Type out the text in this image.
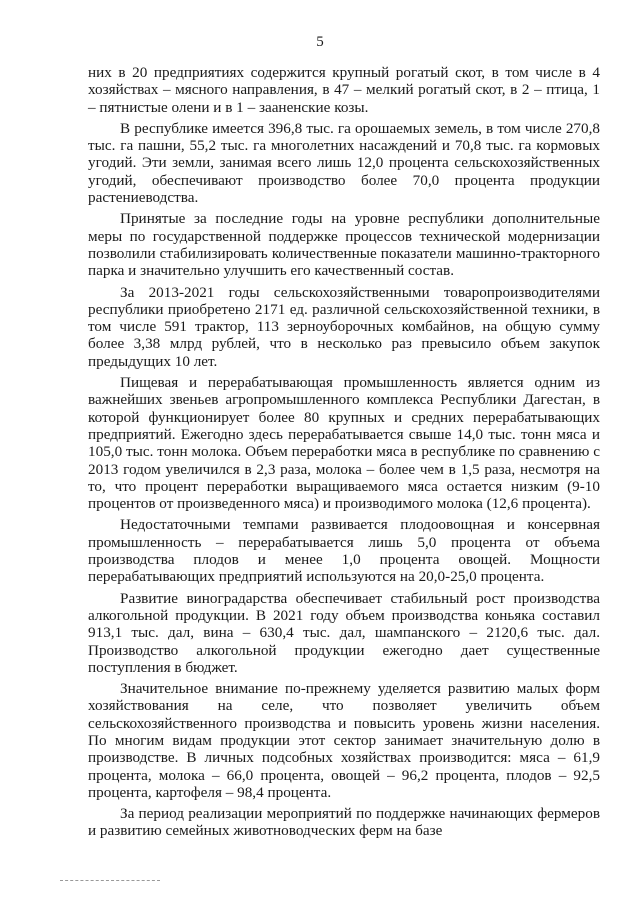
5

них в 20 предприятиях содержится крупный рогатый скот, в том числе в 4 хозяйствах – мясного направления, в 47 – мелкий рогатый скот, в 2 – птица, 1 – пятнистые олени и в 1 – зааненские козы.

В республике имеется 396,8 тыс. га орошаемых земель, в том числе 270,8 тыс. га пашни, 55,2 тыс. га многолетних насаждений и 70,8 тыс. га кормовых угодий. Эти земли, занимая всего лишь 12,0 процента сельскохозяйственных угодий, обеспечивают производство более 70,0 процента продукции растениеводства.

Принятые за последние годы на уровне республики дополнительные меры по государственной поддержке процессов технической модернизации позволили стабилизировать количественные показатели машинно-тракторного парка и значительно улучшить его качественный состав.

За 2013-2021 годы сельскохозяйственными товаропроизводителями республики приобретено 2171 ед. различной сельскохозяйственной техники, в том числе 591 трактор, 113 зерноуборочных комбайнов, на общую сумму более 3,38 млрд рублей, что в несколько раз превысило объем закупок предыдущих 10 лет.

Пищевая и перерабатывающая промышленность является одним из важнейших звеньев агропромышленного комплекса Республики Дагестан, в которой функционирует более 80 крупных и средних перерабатывающих предприятий. Ежегодно здесь перерабатывается свыше 14,0 тыс. тонн мяса и 105,0 тыс. тонн молока. Объем переработки мяса в республике по сравнению с 2013 годом увеличился в 2,3 раза, молока – более чем в 1,5 раза, несмотря на то, что процент переработки выращиваемого мяса остается низким (9-10 процентов от произведенного мяса) и производимого молока (12,6 процента).

Недостаточными темпами развивается плодоовощная и консервная промышленность – перерабатывается лишь 5,0 процента от объема производства плодов и менее 1,0 процента овощей. Мощности перерабатывающих предприятий используются на 20,0-25,0 процента.

Развитие виноградарства обеспечивает стабильный рост производства алкогольной продукции. В 2021 году объем производства коньяка составил 913,1 тыс. дал, вина – 630,4 тыс. дал, шампанского – 2120,6 тыс. дал. Производство алкогольной продукции ежегодно дает существенные поступления в бюджет.

Значительное внимание по-прежнему уделяется развитию малых форм хозяйствования на селе, что позволяет увеличить объем сельскохозяйственного производства и повысить уровень жизни населения. По многим видам продукции этот сектор занимает значительную долю в производстве. В личных подсобных хозяйствах производится: мяса – 61,9 процента, молока – 66,0 процента, овощей – 96,2 процента, плодов – 92,5 процента, картофеля – 98,4 процента.

За период реализации мероприятий по поддержке начинающих фермеров и развитию семейных животноводческих ферм на базе
